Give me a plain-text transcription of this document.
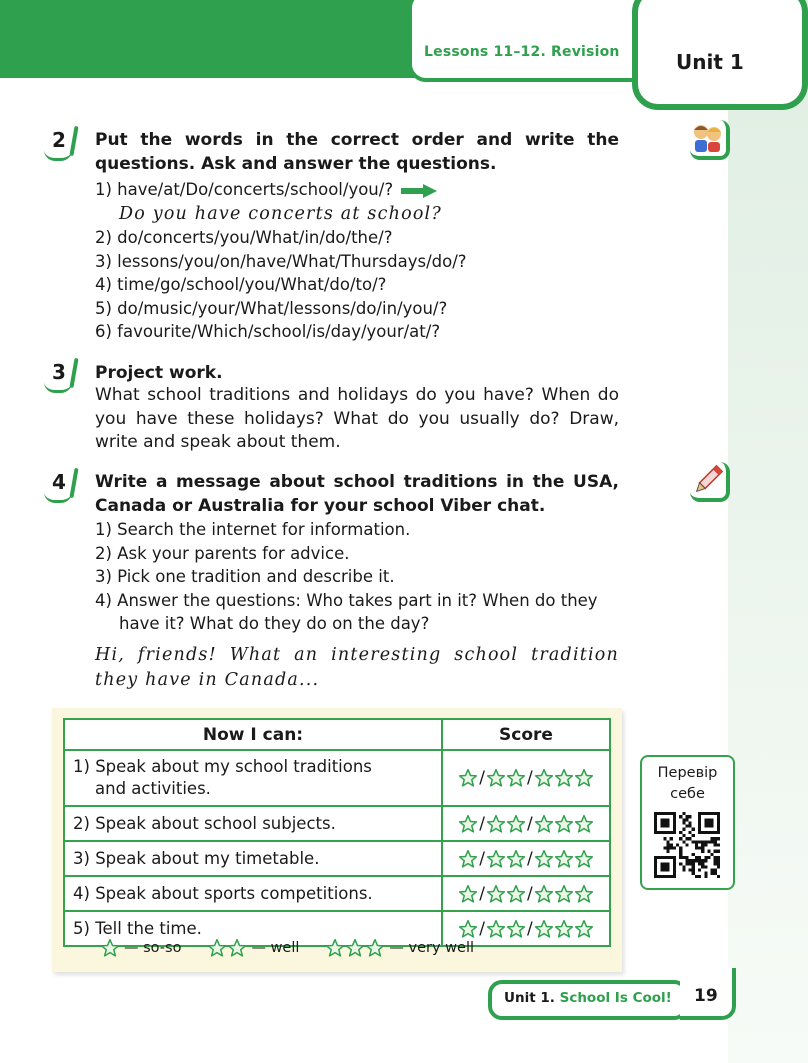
Lessons 11–12. Revision	Unit 1
2	Put the words in the correct order and write the questions. Ask and answer the questions.
1) have/at/Do/concerts/school/you/?
Do you have concerts at school?
2) do/concerts/you/What/in/do/the/?
3) lessons/you/on/have/What/Thursdays/do/?
4) time/go/school/you/What/do/to/?
5) do/music/your/What/lessons/do/in/you/?
6) favourite/Which/school/is/day/your/at/?
3	Project work.
What school traditions and holidays do you have? When do you have these holidays? What do you usually do? Draw, write and speak about them.
4	Write a message about school traditions in the USA, Canada or Australia for your school Viber chat.
1) Search the internet for information.
2) Ask your parents for advice.
3) Pick one tradition and describe it.
4) Answer the questions: Who takes part in it? When do they have it? What do they do on the day?
Hi, friends! What an interesting school tradition they have in Canada...
Now I can:	Score
1) Speak about my school traditions
and activities.	/ /

2) Speak about school subjects.	/ /

3) Speak about my timetable.	/ /

4) Speak about sports competitions.	/ /

5) Tell the time.	/ /
— so-so	— well	— very well
Перевір
себе
Unit 1. School Is Cool! 19
